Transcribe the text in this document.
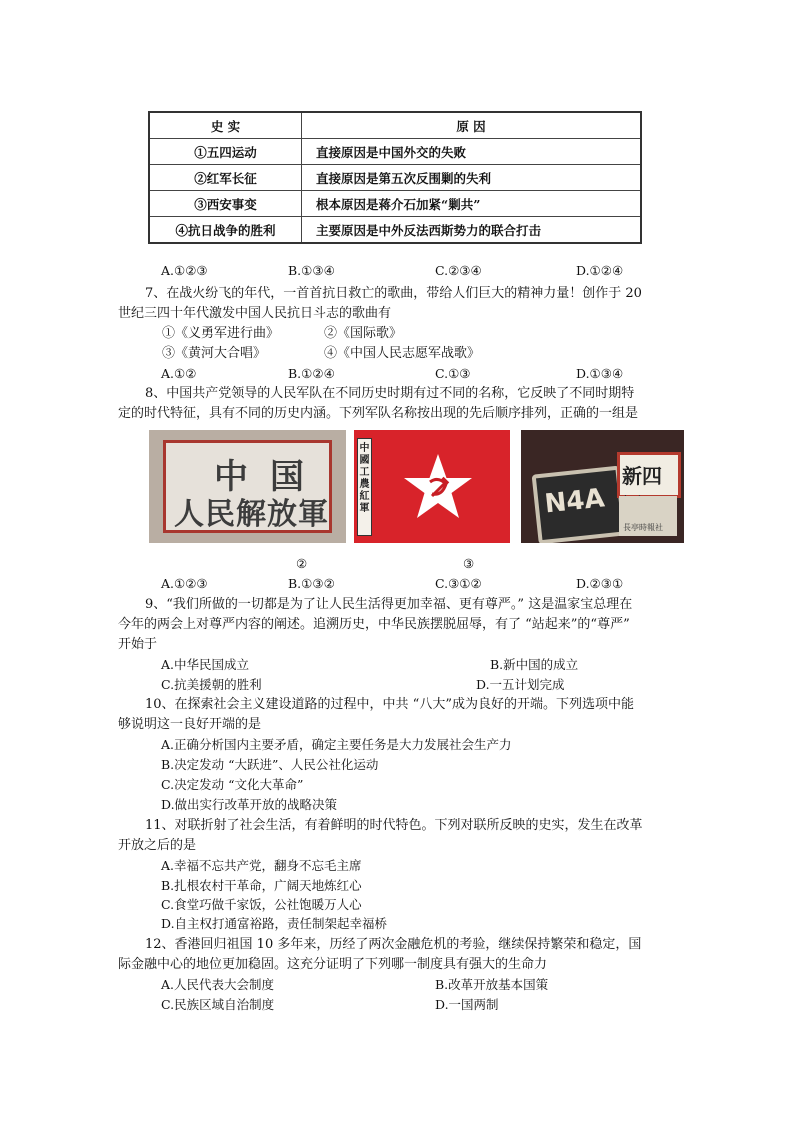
史 实	原 因
①五四运动	直接原因是中国外交的失败
②红军长征	直接原因是第五次反围剿的失利
③西安事变	根本原因是蒋介石加紧“剿共”
④抗日战争的胜利	主要原因是中外反法西斯势力的联合打击
A.①②③	B.①③④	C.②③④	D.①②④
7、在战火纷飞的年代，一首首抗日救亡的歌曲，带给人们巨大的精神力量！创作于 20
世纪三四十年代激发中国人民抗日斗志的歌曲有
①《义勇军进行曲》	②《国际歌》
③《黄河大合唱》	④《中国人民志愿军战歌》
A.①②	B.①②④	C.①③	D.①③④
8、中国共产党领导的人民军队在不同历史时期有过不同的名称，它反映了不同时期特
定的时代特征，具有不同的历史内涵。下列军队名称按出现的先后顺序排列，正确的一组是
中国
人民解放軍
中國工農紅軍	N4A
新四
長亭時報社
②	③
A.①②③	B.①③②	C.③①②	D.②③①
9、“我们所做的一切都是为了让人民生活得更加幸福、更有尊严。” 这是温家宝总理在
今年的两会上对尊严内容的阐述。追溯历史，中华民族摆脱屈辱，有了 “站起来”的“尊严”
开始于
A.中华民国成立	B.新中国的成立
C.抗美援朝的胜利	D.一五计划完成
10、在探索社会主义建设道路的过程中，中共 “八大”成为良好的开端。下列选项中能
够说明这一良好开端的是
A.正确分析国内主要矛盾，确定主要任务是大力发展社会生产力
B.决定发动 “大跃进”、人民公社化运动
C.决定发动 “文化大革命”
D.做出实行改革开放的战略决策
11、对联折射了社会生活，有着鲜明的时代特色。下列对联所反映的史实，发生在改革
开放之后的是
A.幸福不忘共产党，翻身不忘毛主席
B.扎根农村干革命，广阔天地炼红心
C.食堂巧做千家饭，公社饱暖万人心
D.自主权打通富裕路，责任制架起幸福桥
12、香港回归祖国 10 多年来，历经了两次金融危机的考验，继续保持繁荣和稳定，国
际金融中心的地位更加稳固。这充分证明了下列哪一制度具有强大的生命力
A.人民代表大会制度	B.改革开放基本国策
C.民族区域自治制度	D.一国两制
